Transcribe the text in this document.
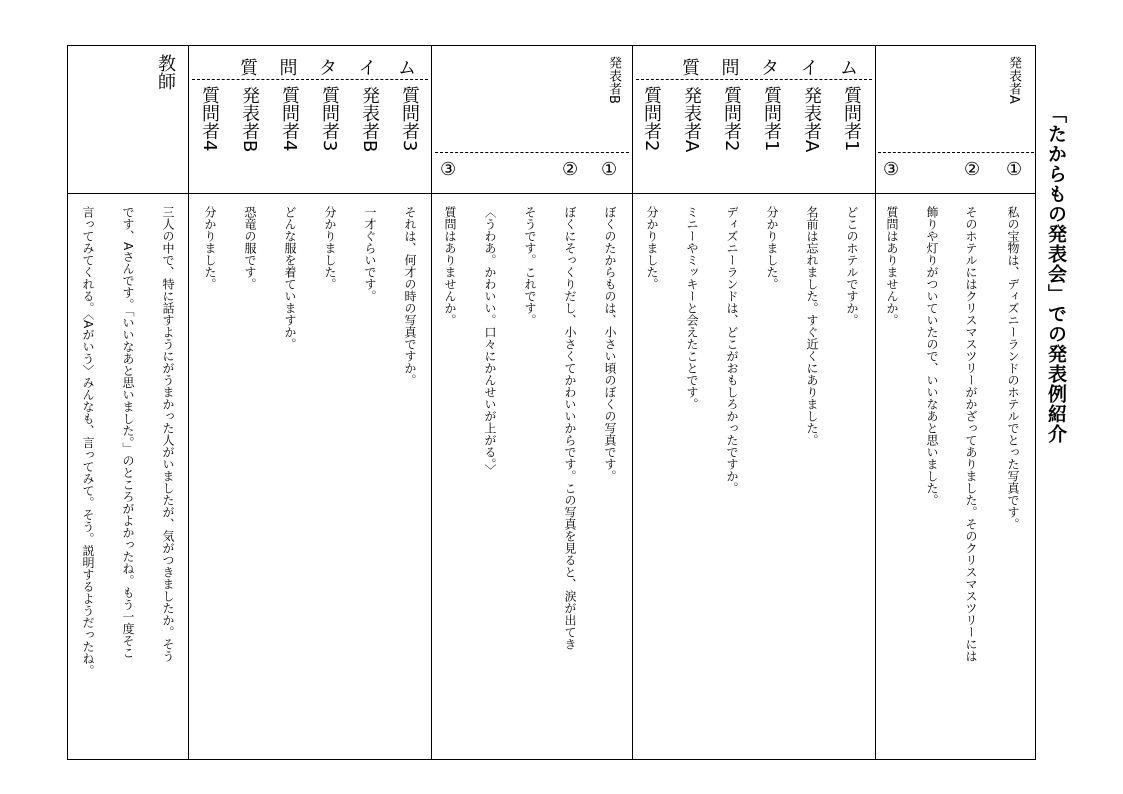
「たからもの発表会」での発表例紹介
発表者A
①
②
③
質 問 タ イ ム
質問者1
発表者A
質問者1
質問者2
発表者A
質問者2
発表者B
①
②
③
質 問 タ イ ム
質問者3
発表者B
質問者3
質問者4
発表者B
質問者4
教師
私の宝物は、ディズニーランドのホテルでとった写真です。
そのホテルにはクリスマスツリーがかざってありました。そのクリスマスツリーには
飾りや灯りがついていたので、いいなあと思いました。
質問はありませんか。
どこのホテルですか。
名前は忘れました。すぐ近くにありました。
分かりました。
ディズニーランドは、どこがおもしろかったですか。
ミニーやミッキーと会えたことです。
分かりました。
ぼくのたからものは、小さい頃のぼくの写真です。
ぼくにそっくりだし、小さくてかわいいからです。この写真を見ると、涙が出てき
そうです。これです。
〈うわあ。かわいい。口々にかんせいが上がる。〉
質問はありませんか。
それは、何才の時の写真ですか。
一才ぐらいです。
分かりました。
どんな服を着ていますか。
恐竜の服です。
分かりました。
三人の中で、特に話すようにがうまかった人がいましたが、気がつきましたか。そう
です、Aさんです。「いいなあと思いました。」のところがよかったね。もう一度そこ
言ってみてくれる。〈Aがいう〉みんなも、言ってみて。そう。説明するようだったね。
